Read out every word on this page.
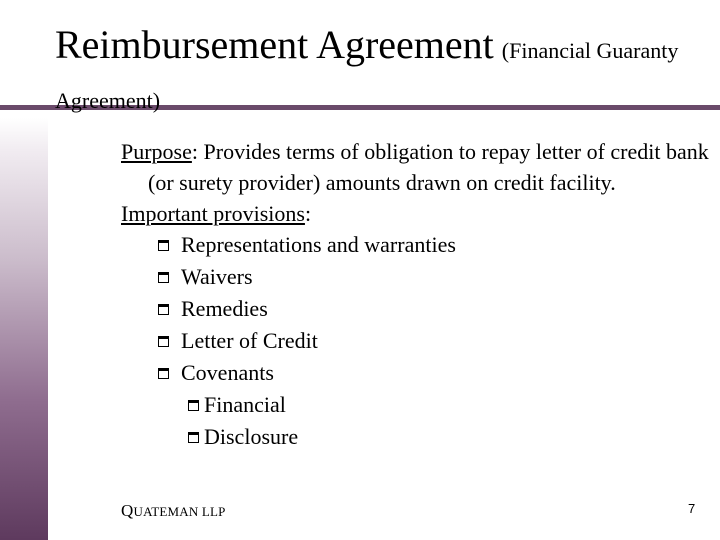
Reimbursement Agreement (Financial Guaranty
Agreement)
Purpose: Provides terms of obligation to repay letter of credit bank (or surety provider) amounts drawn on credit facility.
Important provisions:
Representations and warranties
Waivers
Remedies
Letter of Credit
Covenants
Financial
Disclosure
QUATEMAN LLP	7
